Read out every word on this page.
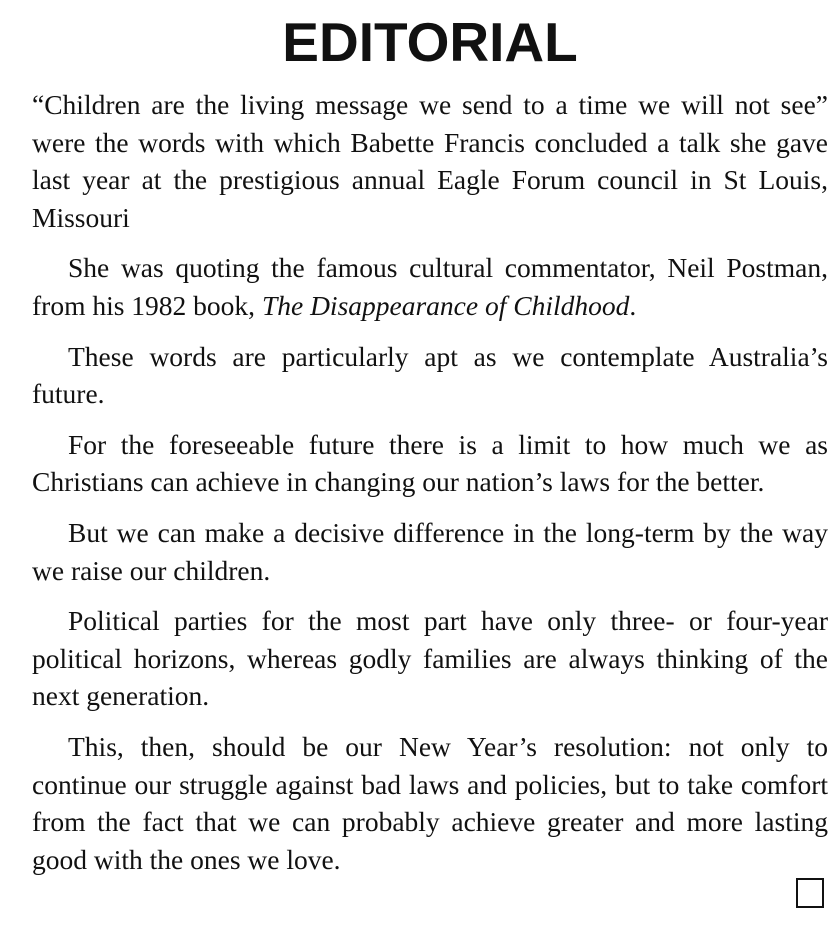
EDITORIAL

“Children are the living message we send to a time we will not see” were the words with which Babette Francis concluded a talk she gave last year at the prestigious annual Eagle Forum council in St Louis, Missouri

She was quoting the famous cultural commentator, Neil Postman, from his 1982 book, The Disappearance of Childhood.

These words are particularly apt as we contemplate Australia’s future.

For the foreseeable future there is a limit to how much we as Christians can achieve in changing our nation’s laws for the better.

But we can make a decisive difference in the long-term by the way we raise our children.

Political parties for the most part have only three- or four-year political horizons, whereas godly families are always thinking of the next generation.

This, then, should be our New Year’s resolution: not only to continue our struggle against bad laws and policies, but to take comfort from the fact that we can probably achieve greater and more lasting good with the ones we love.
